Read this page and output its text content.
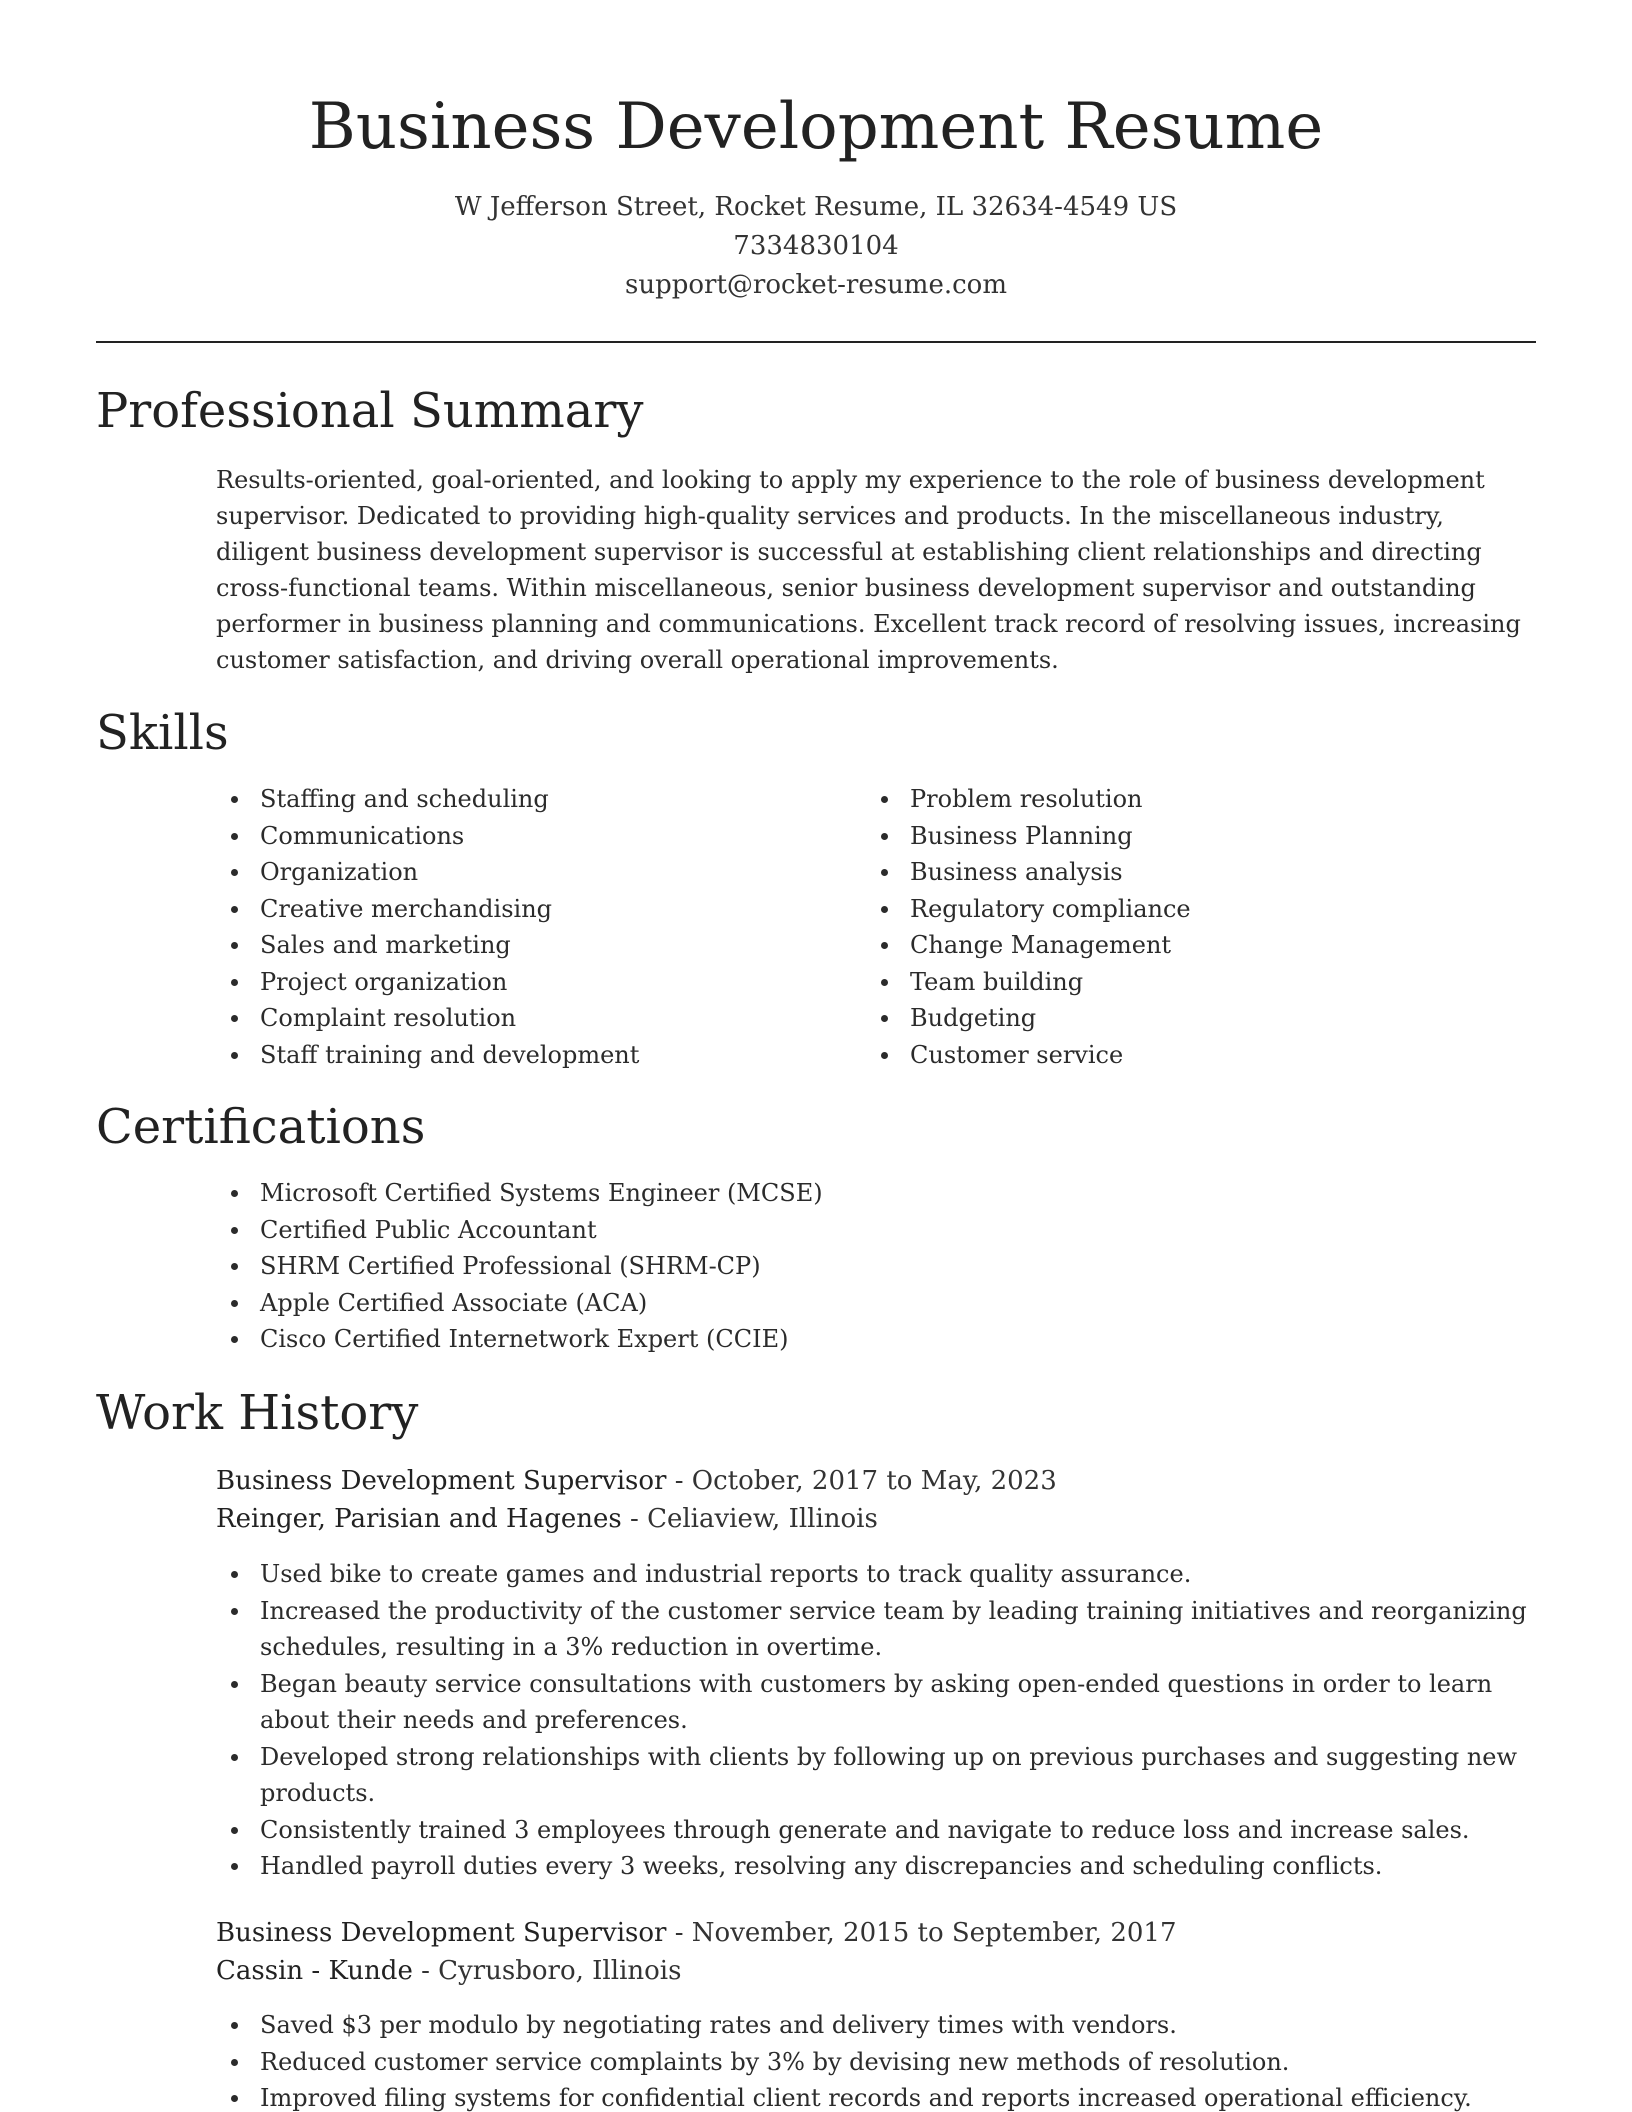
Business Development Resume
W Jefferson Street, Rocket Resume, IL 32634-4549 US
7334830104
support@rocket-resume.com
Professional Summary

Results-oriented, goal-oriented, and looking to apply my experience to the role of business development supervisor. Dedicated to providing high-quality services and products. In the miscellaneous industry, diligent business development supervisor is successful at establishing client relationships and directing cross-functional teams. Within miscellaneous, senior business development supervisor and outstanding performer in business planning and communications. Excellent track record of resolving issues, increasing customer satisfaction, and driving overall operational improvements.

Skills
Staffing and scheduling
Communications
Organization
Creative merchandising
Sales and marketing
Project organization
Complaint resolution
Staff training and development
Problem resolution
Business Planning
Business analysis
Regulatory compliance
Change Management
Team building
Budgeting
Customer service
Certifications
Microsoft Certified Systems Engineer (MCSE)
Certified Public Accountant
SHRM Certified Professional (SHRM-CP)
Apple Certified Associate (ACA)
Cisco Certified Internetwork Expert (CCIE)
Work History
Business Development Supervisor - October, 2017 to May, 2023
Reinger, Parisian and Hagenes - Celiaview, Illinois
Used bike to create games and industrial reports to track quality assurance.
Increased the productivity of the customer service team by leading training initiatives and reorganizing schedules, resulting in a 3% reduction in overtime.
Began beauty service consultations with customers by asking open-ended questions in order to learn about their needs and preferences.
Developed strong relationships with clients by following up on previous purchases and suggesting new products.
Consistently trained 3 employees through generate and navigate to reduce loss and increase sales.
Handled payroll duties every 3 weeks, resolving any discrepancies and scheduling conflicts.
Business Development Supervisor - November, 2015 to September, 2017
Cassin - Kunde - Cyrusboro, Illinois
Saved $3 per modulo by negotiating rates and delivery times with vendors.
Reduced customer service complaints by 3% by devising new methods of resolution.
Improved filing systems for confidential client records and reports increased operational efficiency.
